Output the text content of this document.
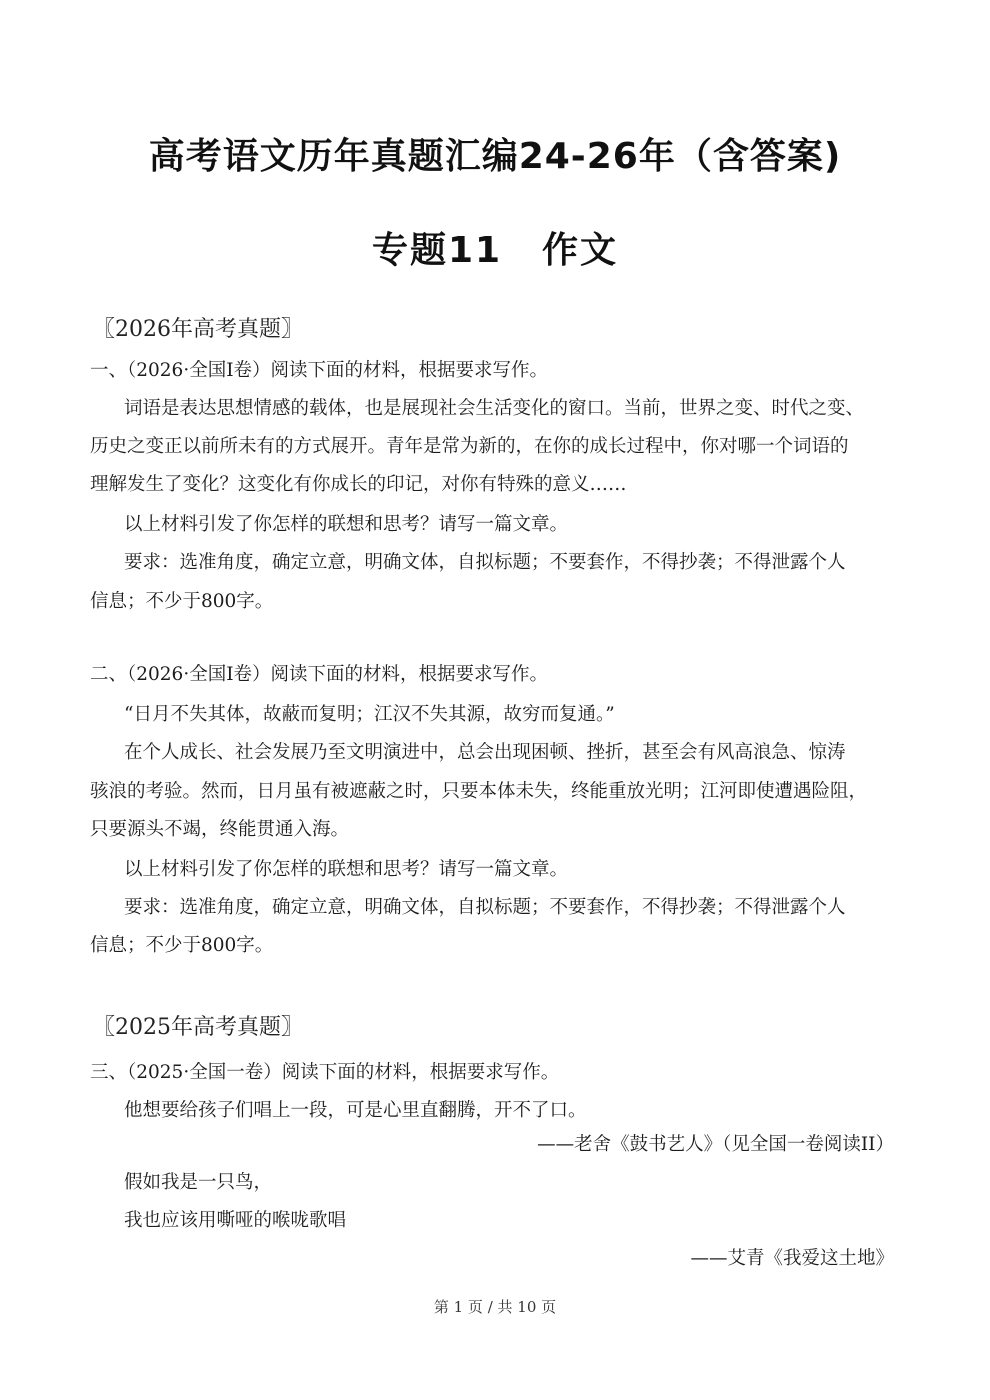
高考语文历年真题汇编24-26年（含答案)
专题11 作文

〖2026年高考真题〗

一、（2026·全国Ⅰ卷）阅读下面的材料，根据要求写作。

词语是表达思想情感的载体，也是展现社会生活变化的窗口。当前，世界之变、时代之变、

历史之变正以前所未有的方式展开。青年是常为新的，在你的成长过程中，你对哪一个词语的

理解发生了变化？这变化有你成长的印记，对你有特殊的意义……

以上材料引发了你怎样的联想和思考？请写一篇文章。

要求：选准角度，确定立意，明确文体，自拟标题；不要套作，不得抄袭；不得泄露个人

信息；不少于800字。

二、（2026·全国Ⅰ卷）阅读下面的材料，根据要求写作。

“日月不失其体，故蔽而复明；江汉不失其源，故穷而复通。”

在个人成长、社会发展乃至文明演进中，总会出现困顿、挫折，甚至会有风高浪急、惊涛

骇浪的考验。然而，日月虽有被遮蔽之时，只要本体未失，终能重放光明；江河即使遭遇险阻，

只要源头不竭，终能贯通入海。

以上材料引发了你怎样的联想和思考？请写一篇文章。

要求：选准角度，确定立意，明确文体，自拟标题；不要套作，不得抄袭；不得泄露个人

信息；不少于800字。

〖2025年高考真题〗

三、（2025·全国一卷）阅读下面的材料，根据要求写作。

他想要给孩子们唱上一段，可是心里直翻腾，开不了口。

——老舍《鼓书艺人》（见全国一卷阅读II）

假如我是一只鸟，

我也应该用嘶哑的喉咙歌唱

——艾青《我爱这土地》

第 1 页 / 共 10 页
